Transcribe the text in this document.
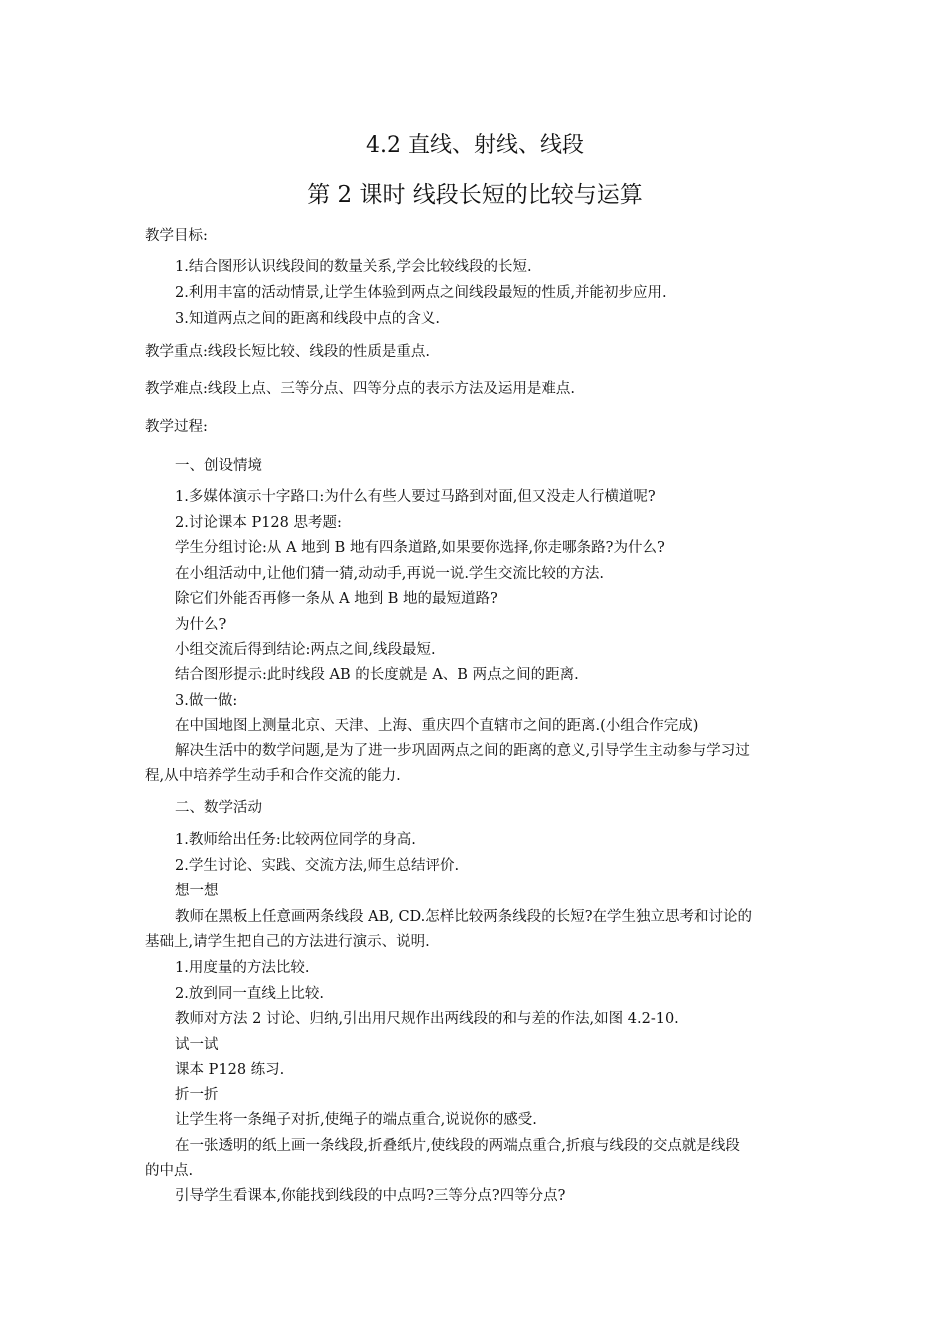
4.2 直线、射线、线段
第 2 课时 线段长短的比较与运算
教学目标:
1.结合图形认识线段间的数量关系,学会比较线段的长短.
2.利用丰富的活动情景,让学生体验到两点之间线段最短的性质,并能初步应用.
3.知道两点之间的距离和线段中点的含义.
教学重点:线段长短比较、线段的性质是重点.
教学难点:线段上点、三等分点、四等分点的表示方法及运用是难点.
教学过程:
一、创设情境
1.多媒体演示十字路口:为什么有些人要过马路到对面,但又没走人行横道呢?
2.讨论课本 P128 思考题:
学生分组讨论:从 A 地到 B 地有四条道路,如果要你选择,你走哪条路?为什么?
在小组活动中,让他们猜一猜,动动手,再说一说.学生交流比较的方法.
除它们外能否再修一条从 A 地到 B 地的最短道路?
为什么?
小组交流后得到结论:两点之间,线段最短.
结合图形提示:此时线段 AB 的长度就是 A、B 两点之间的距离.
3.做一做:
在中国地图上测量北京、天津、上海、重庆四个直辖市之间的距离.(小组合作完成)
解决生活中的数学问题,是为了进一步巩固两点之间的距离的意义,引导学生主动参与学习过
程,从中培养学生动手和合作交流的能力.
二、数学活动
1.教师给出任务:比较两位同学的身高.
2.学生讨论、实践、交流方法,师生总结评价.
想一想
教师在黑板上任意画两条线段 AB, CD.怎样比较两条线段的长短?在学生独立思考和讨论的
基础上,请学生把自己的方法进行演示、说明.
1.用度量的方法比较.
2.放到同一直线上比较.
教师对方法 2 讨论、归纳,引出用尺规作出两线段的和与差的作法,如图 4.2-10.
试一试
课本 P128 练习.
折一折
让学生将一条绳子对折,使绳子的端点重合,说说你的感受.
在一张透明的纸上画一条线段,折叠纸片,使线段的两端点重合,折痕与线段的交点就是线段
的中点.
引导学生看课本,你能找到线段的中点吗?三等分点?四等分点?
